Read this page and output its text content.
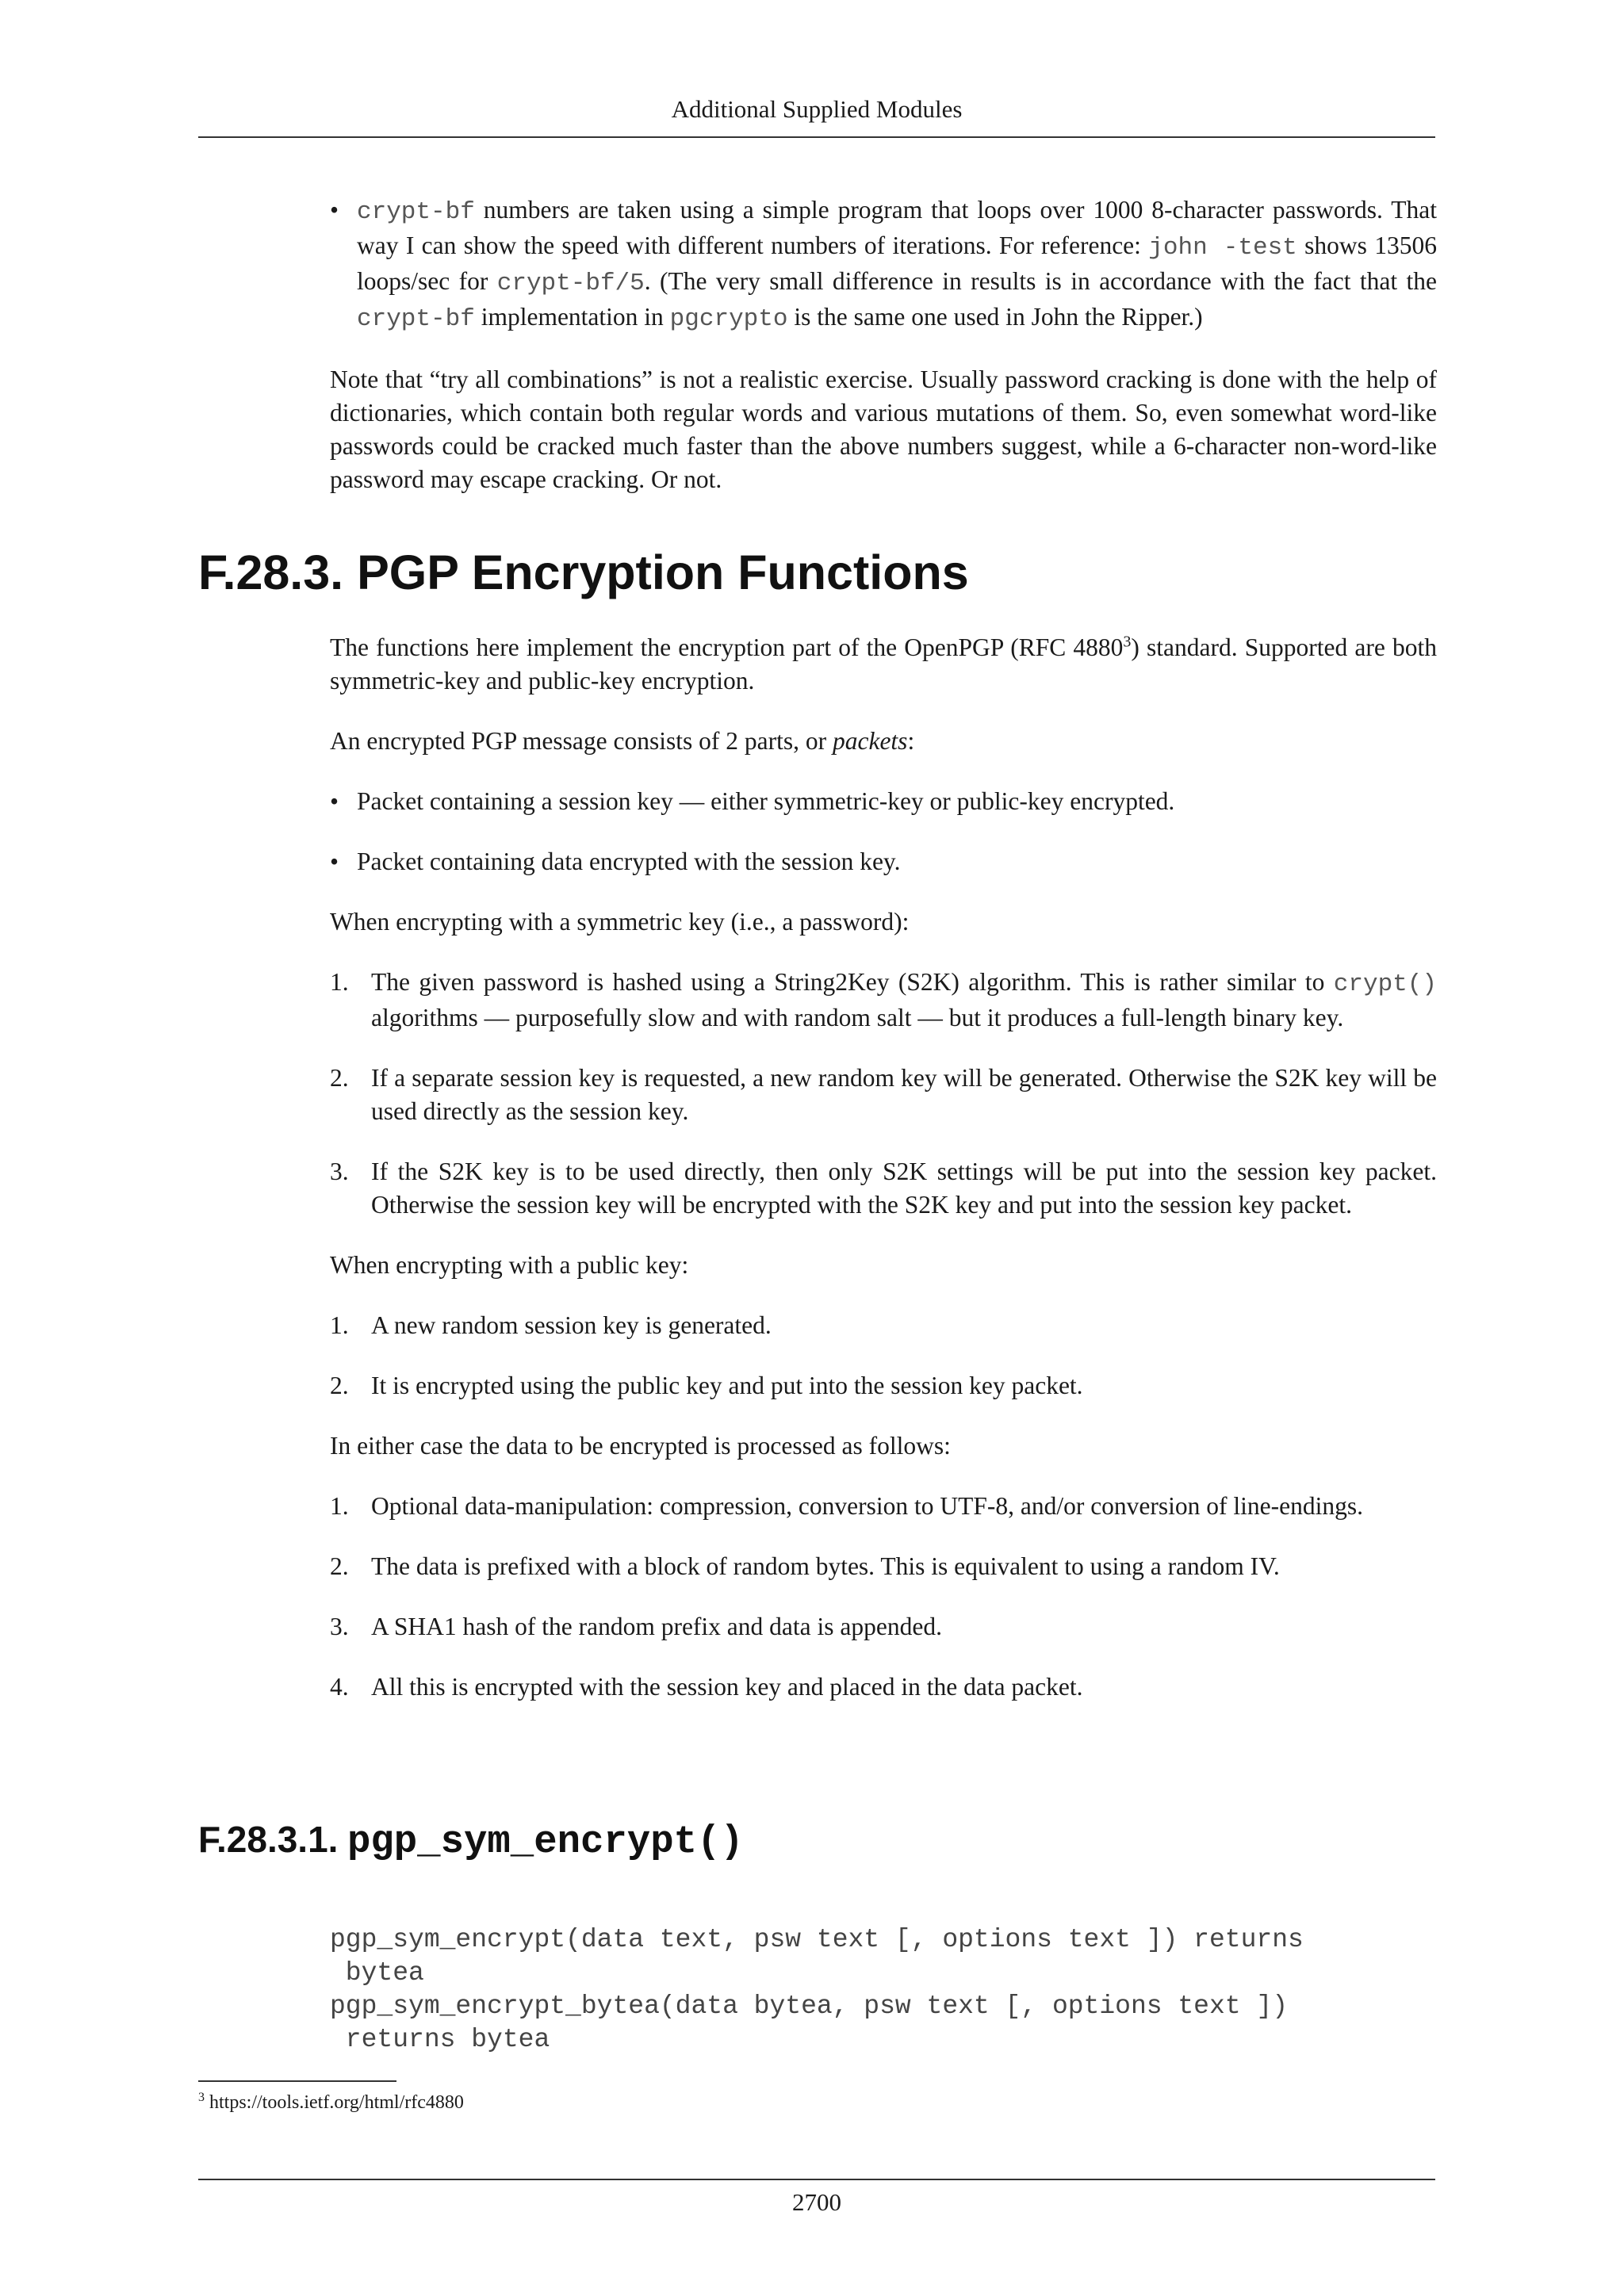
Additional Supplied Modules

• crypt-bf numbers are taken using a simple program that loops over 1000 8-character passwords. That way I can show the speed with different numbers of iterations. For reference: john -test shows 13506 loops/sec for crypt-bf/5. (The very small difference in results is in accordance with the fact that the crypt-bf implementation in pgcrypto is the same one used in John the Ripper.)

Note that “try all combinations” is not a realistic exercise. Usually password cracking is done with the help of dictionaries, which contain both regular words and various mutations of them. So, even somewhat word-like passwords could be cracked much faster than the above numbers suggest, while a 6-character non-word-like password may escape cracking. Or not.

F.28.3. PGP Encryption Functions

The functions here implement the encryption part of the OpenPGP (RFC 4880$^3$) standard. Supported are both symmetric-key and public-key encryption.

An encrypted PGP message consists of 2 parts, or packets:

• Packet containing a session key — either symmetric-key or public-key encrypted.

• Packet containing data encrypted with the session key.

When encrypting with a symmetric key (i.e., a password):

1. The given password is hashed using a String2Key (S2K) algorithm. This is rather similar to crypt() algorithms — purposefully slow and with random salt — but it produces a full-length binary key.

2. If a separate session key is requested, a new random key will be generated. Otherwise the S2K key will be used directly as the session key.

3. If the S2K key is to be used directly, then only S2K settings will be put into the session key packet. Otherwise the session key will be encrypted with the S2K key and put into the session key packet.

When encrypting with a public key:

1. A new random session key is generated.

2. It is encrypted using the public key and put into the session key packet.

In either case the data to be encrypted is processed as follows:

1. Optional data-manipulation: compression, conversion to UTF-8, and/or conversion of line-endings.

2. The data is prefixed with a block of random bytes. This is equivalent to using a random IV.

3. A SHA1 hash of the random prefix and data is appended.

4. All this is encrypted with the session key and placed in the data packet.

F.28.3.1. pgp_sym_encrypt()
pgp_sym_encrypt(data text, psw text [, options text ]) returns
bytea
pgp_sym_encrypt_bytea(data bytea, psw text [, options text ])
returns bytea
$^3$ https://tools.ietf.org/html/rfc4880
2700
